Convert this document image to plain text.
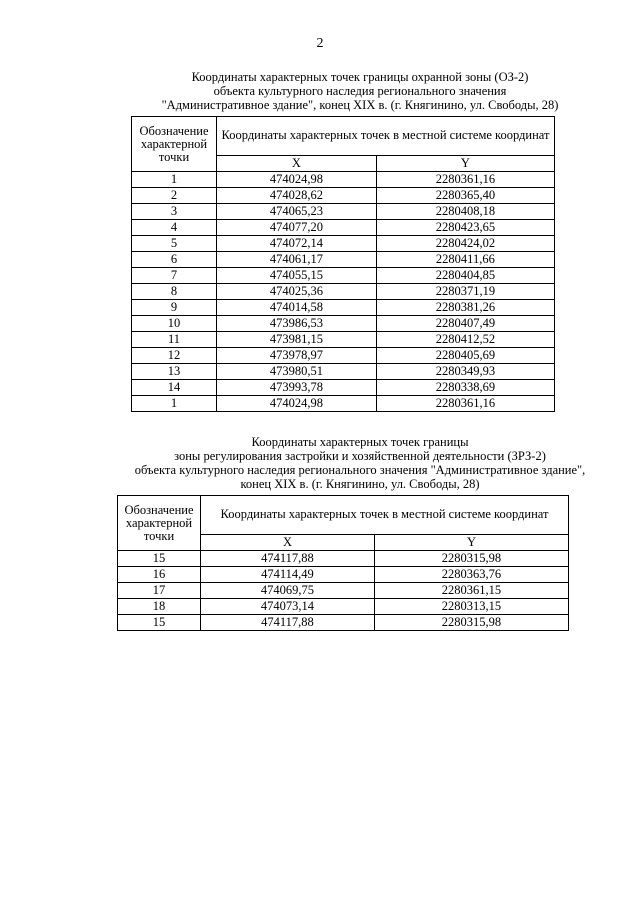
2
Координаты характерных точек границы охранной зоны (ОЗ-2)
объекта культурного наследия регионального значения
"Административное здание", конец XIX в. (г. Княгинино, ул. Свободы, 28)
Обозначение характерной точки	Координаты характерных точек в местной системе координат	
	X	Y
1	474024,98	2280361,16
2	474028,62	2280365,40
3	474065,23	2280408,18
4	474077,20	2280423,65
5	474072,14	2280424,02
6	474061,17	2280411,66
7	474055,15	2280404,85
8	474025,36	2280371,19
9	474014,58	2280381,26
10	473986,53	2280407,49
11	473981,15	2280412,52
12	473978,97	2280405,69
13	473980,51	2280349,93
14	473993,78	2280338,69
1	474024,98	2280361,16
Координаты характерных точек границы
зоны регулирования застройки и хозяйственной деятельности (ЗРЗ-2)
объекта культурного наследия регионального значения "Административное здание",
конец XIX в. (г. Княгинино, ул. Свободы, 28)
Обозначение характерной точки	Координаты характерных точек в местной системе координат	
	X	Y
15	474117,88	2280315,98
16	474114,49	2280363,76
17	474069,75	2280361,15
18	474073,14	2280313,15
15	474117,88	2280315,98
